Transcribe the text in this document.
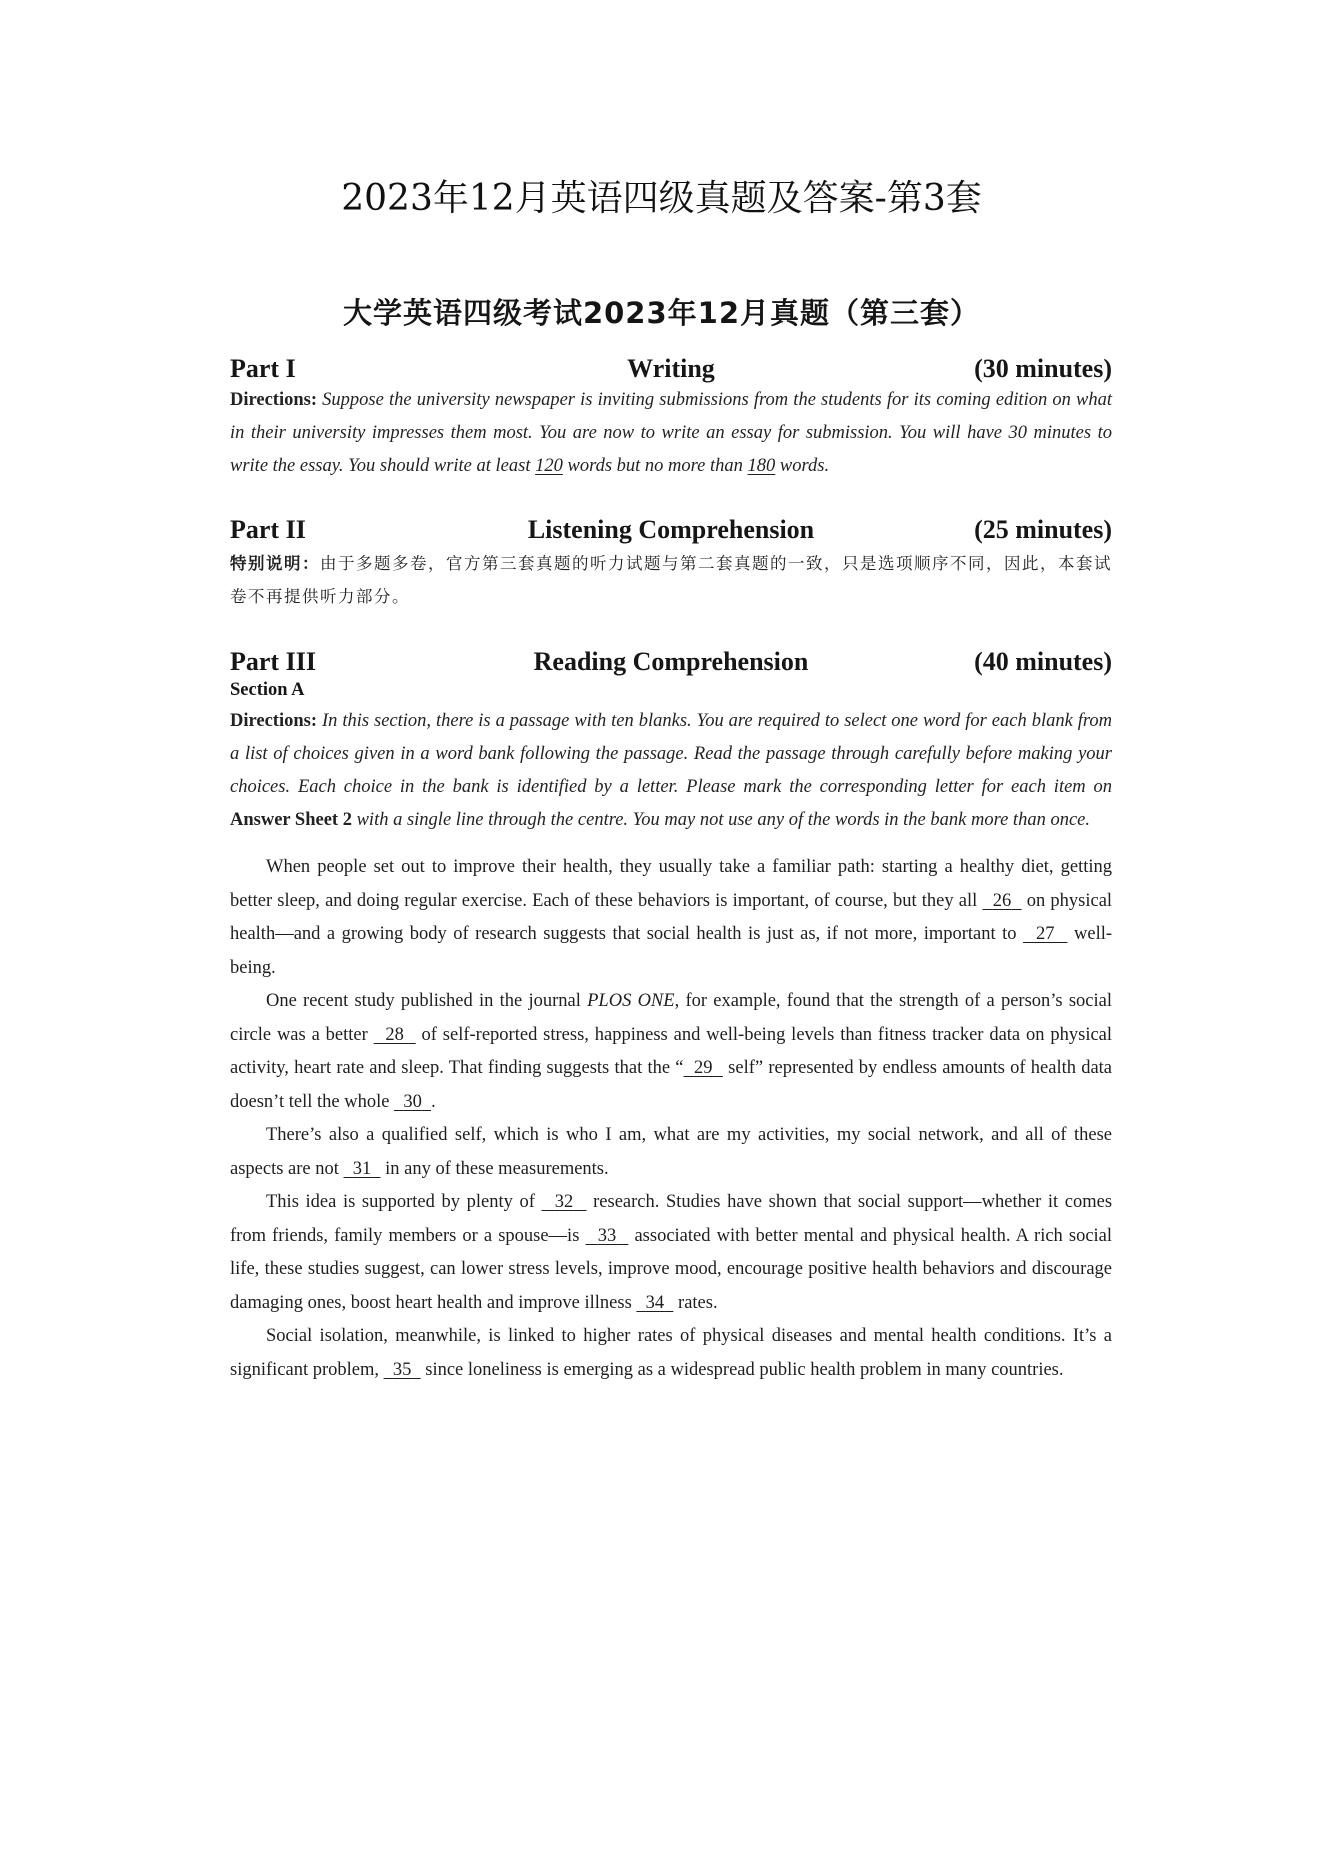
2023年12月英语四级真题及答案-第3套
大学英语四级考试2023年12月真题（第三套）
Writing
Part I	(30 minutes)

Directions: Suppose the university newspaper is inviting submissions from the students for its coming edition on what in their university impresses them most. You are now to write an essay for submission. You will have 30 minutes to write the essay. You should write at least 120 words but no more than 180 words.

Listening Comprehension
Part II	(25 minutes)

特别说明：由于多题多卷，官方第三套真题的听力试题与第二套真题的一致，只是选项顺序不同，因此，本套试卷不再提供听力部分。

Reading Comprehension
Part III	(40 minutes)
Section A

Directions: In this section, there is a passage with ten blanks. You are required to select one word for each blank from a list of choices given in a word bank following the passage. Read the passage through carefully before making your choices. Each choice in the bank is identified by a letter. Please mark the corresponding letter for each item on Answer Sheet 2 with a single line through the centre. You may not use any of the words in the bank more than once.

When people set out to improve their health, they usually take a familiar path: starting a healthy diet, getting better sleep, and doing regular exercise. Each of these behaviors is important, of course, but they all 26 on physical health—and a growing body of research suggests that social health is just as, if not more, important to 27 well-being.

One recent study published in the journal PLOS ONE, for example, found that the strength of a person’s social circle was a better 28 of self-reported stress, happiness and well-being levels than fitness tracker data on physical activity, heart rate and sleep. That finding suggests that the “ 29 self” represented by endless amounts of health data doesn’t tell the whole 30 .

There’s also a qualified self, which is who I am, what are my activities, my social network, and all of these aspects are not 31 in any of these measurements.

This idea is supported by plenty of 32 research. Studies have shown that social support—whether it comes from friends, family members or a spouse—is 33 associated with better mental and physical health. A rich social life, these studies suggest, can lower stress levels, improve mood, encourage positive health behaviors and discourage damaging ones, boost heart health and improve illness 34 rates.

Social isolation, meanwhile, is linked to higher rates of physical diseases and mental health conditions. It’s a significant problem, 35 since loneliness is emerging as a widespread public health problem in many countries.
